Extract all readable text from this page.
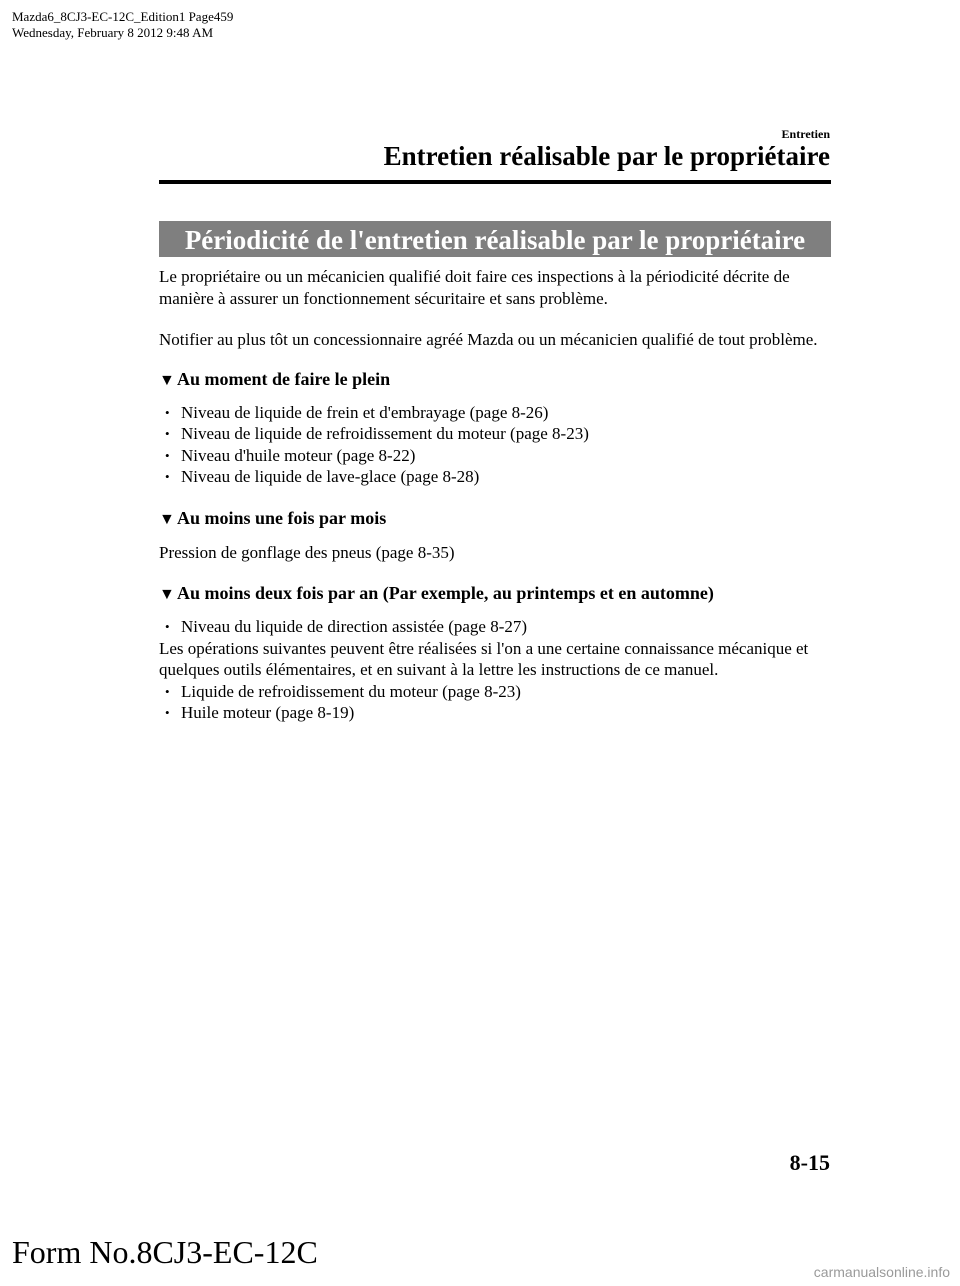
Mazda6_8CJ3-EC-12C_Edition1 Page459
Wednesday, February 8 2012 9:48 AM
Entretien
Entretien réalisable par le propriétaire
Périodicité de l'entretien réalisable par le propriétaire

Le propriétaire ou un mécanicien qualifié doit faire ces inspections à la périodicité décrite de manière à assurer un fonctionnement sécuritaire et sans problème.

Notifier au plus tôt un concessionnaire agréé Mazda ou un mécanicien qualifié de tout problème.

▼ Au moment de faire le plein
• Niveau de liquide de frein et d'embrayage (page 8-26)
• Niveau de liquide de refroidissement du moteur (page 8-23)
• Niveau d'huile moteur (page 8-22)
• Niveau de liquide de lave-glace (page 8-28)
▼ Au moins une fois par mois

Pression de gonflage des pneus (page 8-35)

▼ Au moins deux fois par an (Par exemple, au printemps et en automne)
• Niveau du liquide de direction assistée (page 8-27)

Les opérations suivantes peuvent être réalisées si l'on a une certaine connaissance mécanique et quelques outils élémentaires, et en suivant à la lettre les instructions de ce manuel.

• Liquide de refroidissement du moteur (page 8-23)
• Huile moteur (page 8-19)
8-15
Form No.8CJ3-EC-12C
carmanualsonline.info
